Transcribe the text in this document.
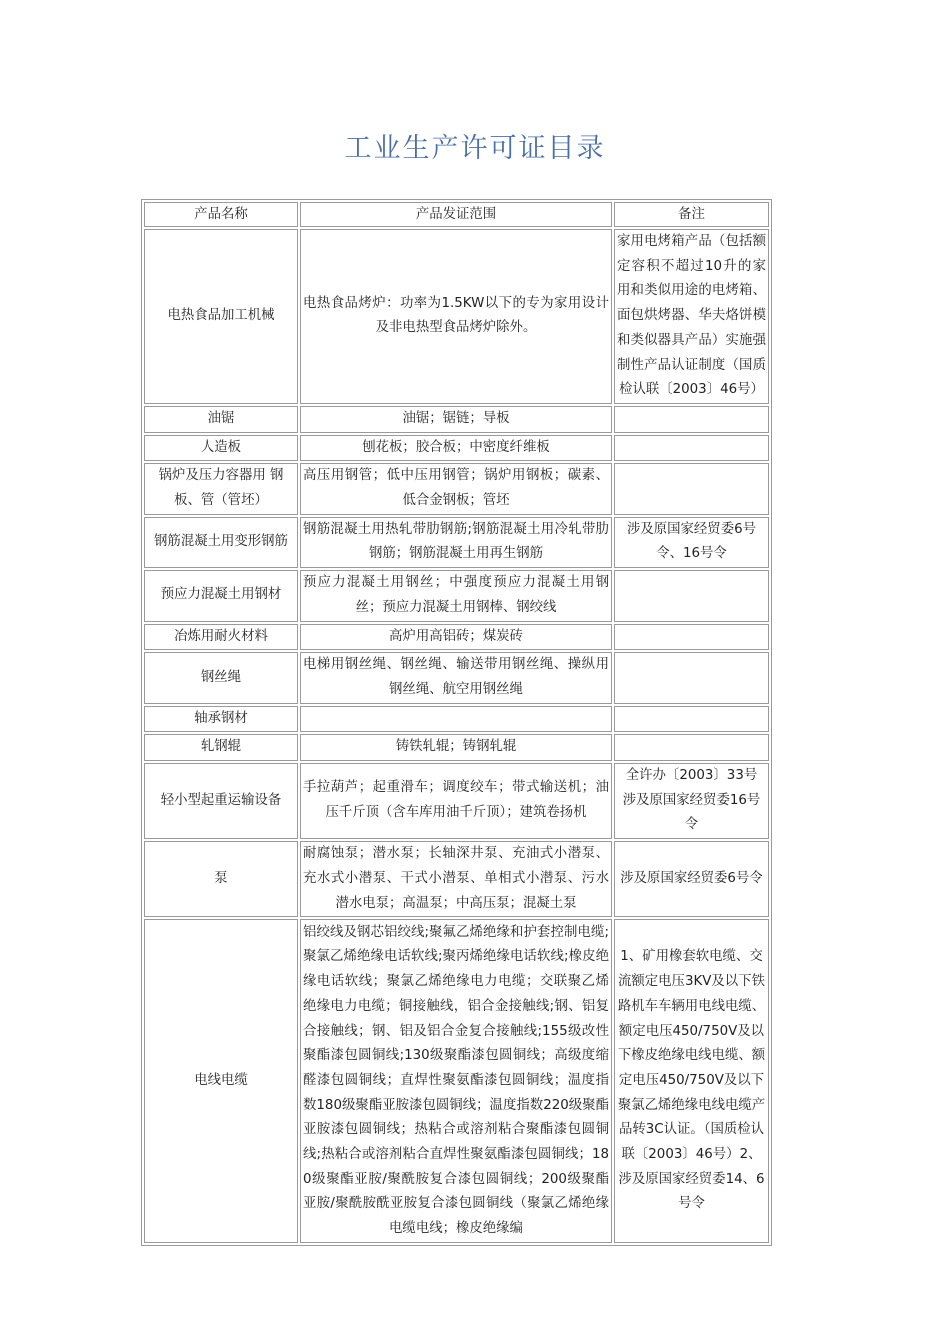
工业生产许可证目录
产品名称	产品发证范围	备注
电热食品加工机械	电热食品烤炉：功率为1.5KW以下的专为家用设计及非电热型食品烤炉除外。	家用电烤箱产品（包括额定容积不超过10升的家用和类似用途的电烤箱、面包烘烤器、华夫烙饼模和类似器具产品）实施强制性产品认证制度（国质检认联〔2003〕46号）
油锯	油锯；锯链；导板	
人造板	刨花板；胶合板；中密度纤维板	
锅炉及压力容器用 钢板、管（管坯）	高压用钢管；低中压用钢管；锅炉用钢板；碳素、低合金钢板；管坯	
钢筋混凝土用变形钢筋	钢筋混凝土用热轧带肋钢筋;钢筋混凝土用冷轧带肋钢筋；钢筋混凝土用再生钢筋	涉及原国家经贸委6号令、16号令
预应力混凝土用钢材	预应力混凝土用钢丝；中强度预应力混凝土用钢丝；预应力混凝土用钢棒、钢绞线	
冶炼用耐火材料	高炉用高铝砖；煤炭砖	
钢丝绳	电梯用钢丝绳、钢丝绳、输送带用钢丝绳、操纵用钢丝绳、航空用钢丝绳	
轴承钢材		
轧钢辊	铸铁轧辊；铸钢轧辊	
轻小型起重运输设备	手拉葫芦；起重滑车；调度绞车；带式输送机；油压千斤顶（含车库用油千斤顶）；建筑卷扬机	全许办〔2003〕33号 涉及原国家经贸委16号令
泵	耐腐蚀泵；潜水泵；长轴深井泵、充油式小潜泵、充水式小潜泵、干式小潜泵、单相式小潜泵、污水潜水电泵；高温泵；中高压泵；混凝土泵	涉及原国家经贸委6号令
电线电缆	铝绞线及钢芯铝绞线;聚氟乙烯绝缘和护套控制电缆;聚氯乙烯绝缘电话软线;聚丙烯绝缘电话软线;橡皮绝缘电话软线；聚氯乙烯绝缘电力电缆；交联聚乙烯绝缘电力电缆；铜接触线，铝合金接触线;钢、铝复合接触线；钢、铝及铝合金复合接触线;155级改性聚酯漆包圆铜线;130级聚酯漆包圆铜线；高级度缩醛漆包圆铜线；直焊性聚氨酯漆包圆铜线；温度指数180级聚酯亚胺漆包圆铜线；温度指数220级聚酯亚胺漆包圆铜线；热粘合或溶剂粘合聚酯漆包圆铜线;热粘合或溶剂粘合直焊性聚氨酯漆包圆铜线；180级聚酯亚胺/聚酰胺复合漆包圆铜线；200级聚酯亚胺/聚酰胺酰亚胺复合漆包圆铜线（聚氯乙烯绝缘电缆电线；橡皮绝缘编	1、矿用橡套软电缆、交流额定电压3KV及以下铁路机车车辆用电线电缆、额定电压450/750V及以下橡皮绝缘电线电缆、额定电压450/750V及以下聚氯乙烯绝缘电线电缆产品转3C认证。（国质检认联〔2003〕46号）2、涉及原国家经贸委14、6号令
